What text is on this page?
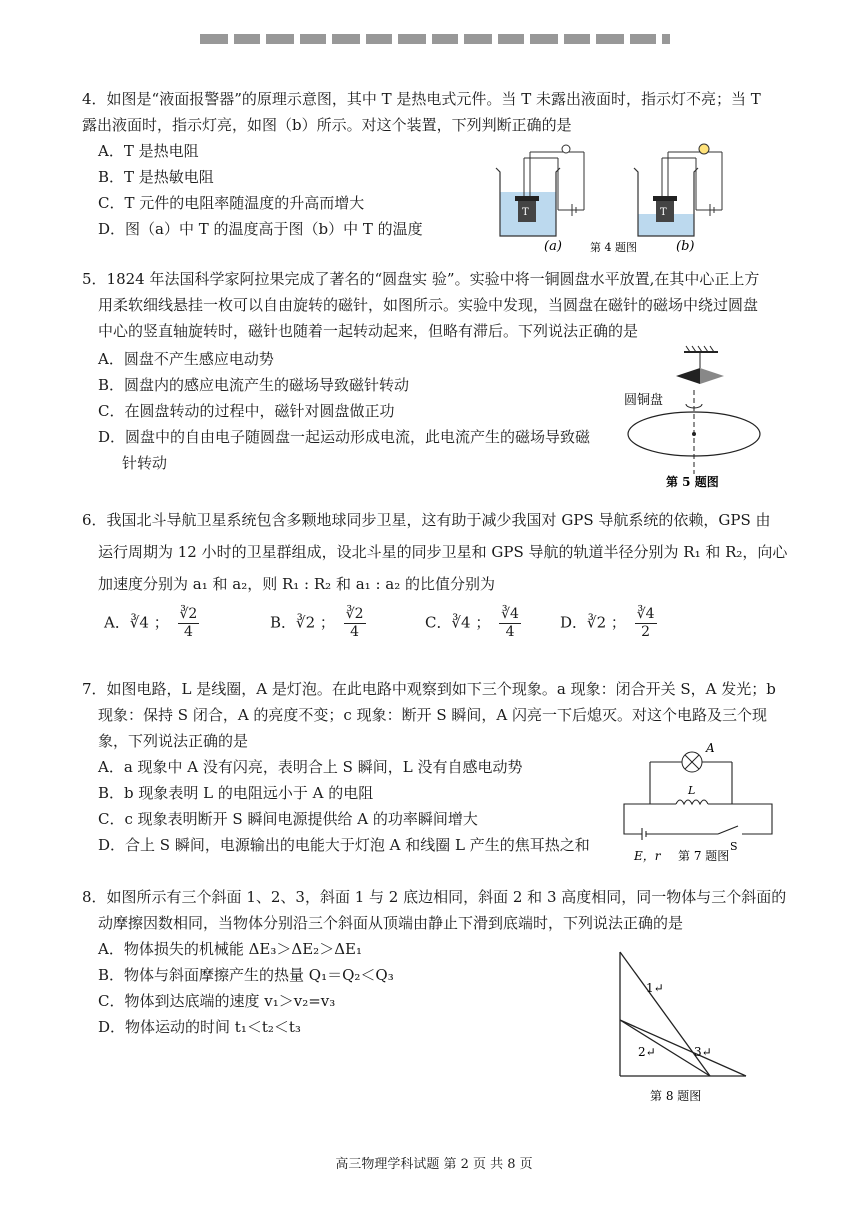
4．如图是“液面报警器”的原理示意图，其中 T 是热电式元件。当 T 未露出液面时，指示灯不亮；当 T
露出液面时，指示灯亮，如图（b）所示。对这个装置，下列判断正确的是
A．T 是热电阻
B．T 是热敏电阻
C．T 元件的电阻率随温度的升高而增大
D．图（a）中 T 的温度高于图（b）中 T 的温度
T
(a)
T
(b)
第 4 题图
5．1824 年法国科学家阿拉果完成了著名的“圆盘实 验”。实验中将一铜圆盘水平放置,在其中心正上方
用柔软细线悬挂一枚可以自由旋转的磁针，如图所示。实验中发现，当圆盘在磁针的磁场中绕过圆盘
中心的竖直轴旋转时，磁针也随着一起转动起来，但略有滞后。下列说法正确的是
A．圆盘不产生感应电动势
B．圆盘内的感应电流产生的磁场导致磁针转动
C．在圆盘转动的过程中，磁针对圆盘做正功
D．圆盘中的自由电子随圆盘一起运动形成电流，此电流产生的磁场导致磁
针转动
圆铜盘
第 5 题图
6．我国北斗导航卫星系统包含多颗地球同步卫星，这有助于减少我国对 GPS 导航系统的依赖，GPS 由
运行周期为 12 小时的卫星群组成，设北斗星的同步卫星和 GPS 导航的轨道半径分别为 R₁ 和 R₂，向心
加速度分别为 a₁ 和 a₂，则 R₁ : R₂ 和 a₁ : a₂ 的比值分别为
A．∛4 ； $\frac{∛2}{4}$	B．∛2 ； $\frac{∛2}{4}$	C．∛4 ； $\frac{∛4}{4}$	D．∛2 ； $\frac{∛4}{2}$
7．如图电路，L 是线圈，A 是灯泡。在此电路中观察到如下三个现象。a 现象：闭合开关 S，A 发光；b
现象：保持 S 闭合，A 的亮度不变；c 现象：断开 S 瞬间，A 闪亮一下后熄灭。对这个电路及三个现
象，下列说法正确的是
A．a 现象中 A 没有闪亮，表明合上 S 瞬间，L 没有自感电动势
B．b 现象表明 L 的电阻远小于 A 的电阻
C．c 现象表明断开 S 瞬间电源提供给 A 的功率瞬间增大
D．合上 S 瞬间，电源输出的电能大于灯泡 A 和线圈 L 产生的焦耳热之和
A
L
S
E，r 第 7 题图
8．如图所示有三个斜面 1、2、3，斜面 1 与 2 底边相同，斜面 2 和 3 高度相同，同一物体与三个斜面的
动摩擦因数相同，当物体分别沿三个斜面从顶端由静止下滑到底端时，下列说法正确的是
A．物体损失的机械能 ΔE₃＞ΔE₂＞ΔE₁
B．物体与斜面摩擦产生的热量 Q₁＝Q₂＜Q₃
C．物体到达底端的速度 v₁＞v₂=v₃
D．物体运动的时间 t₁＜t₂＜t₃
1↵
2↵	3↵
第 8 题图
高三物理学科试题 第 2 页 共 8 页
